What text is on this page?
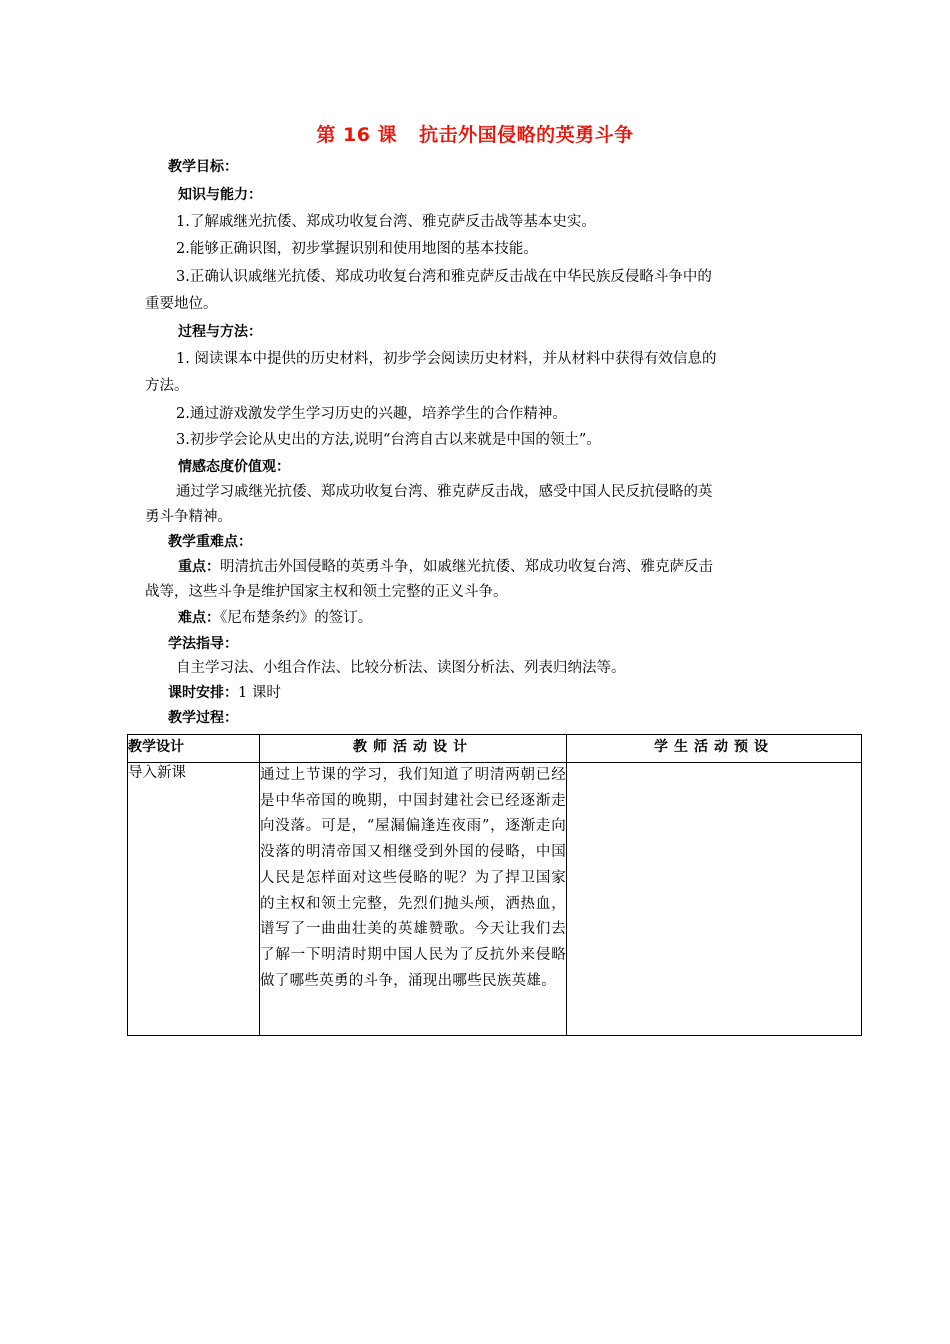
第 16 课 抗击外国侵略的英勇斗争
教学目标：
知识与能力：
1.了解戚继光抗倭、郑成功收复台湾、雅克萨反击战等基本史实。
2.能够正确识图，初步掌握识别和使用地图的基本技能。
3.正确认识戚继光抗倭、郑成功收复台湾和雅克萨反击战在中华民族反侵略斗争中的
重要地位。
过程与方法：
1. 阅读课本中提供的历史材料，初步学会阅读历史材料，并从材料中获得有效信息的
方法。
2.通过游戏激发学生学习历史的兴趣，培养学生的合作精神。
3.初步学会论从史出的方法,说明“台湾自古以来就是中国的领土”。
情感态度价值观：
通过学习戚继光抗倭、郑成功收复台湾、雅克萨反击战，感受中国人民反抗侵略的英
勇斗争精神。
教学重难点：
重点：明清抗击外国侵略的英勇斗争，如戚继光抗倭、郑成功收复台湾、雅克萨反击
战等，这些斗争是维护国家主权和领土完整的正义斗争。
难点：《尼布楚条约》的签订。
学法指导：
自主学习法、小组合作法、比较分析法、读图分析法、列表归纳法等。
课时安排：1 课时
教学过程：
教学设计	教师活动设计	学生活动预设
导入新课	通过上节课的学习，我们知道了明清两朝已经是中华帝国的晚期，中国封建社会已经逐渐走向没落。可是，“屋漏偏逢连夜雨”，逐渐走向没落的明清帝国又相继受到外国的侵略，中国人民是怎样面对这些侵略的呢？为了捍卫国家的主权和领土完整，先烈们抛头颅，洒热血，谱写了一曲曲壮美的英雄赞歌。今天让我们去了解一下明清时期中国人民为了反抗外来侵略做了哪些英勇的斗争，涌现出哪些民族英雄。	
